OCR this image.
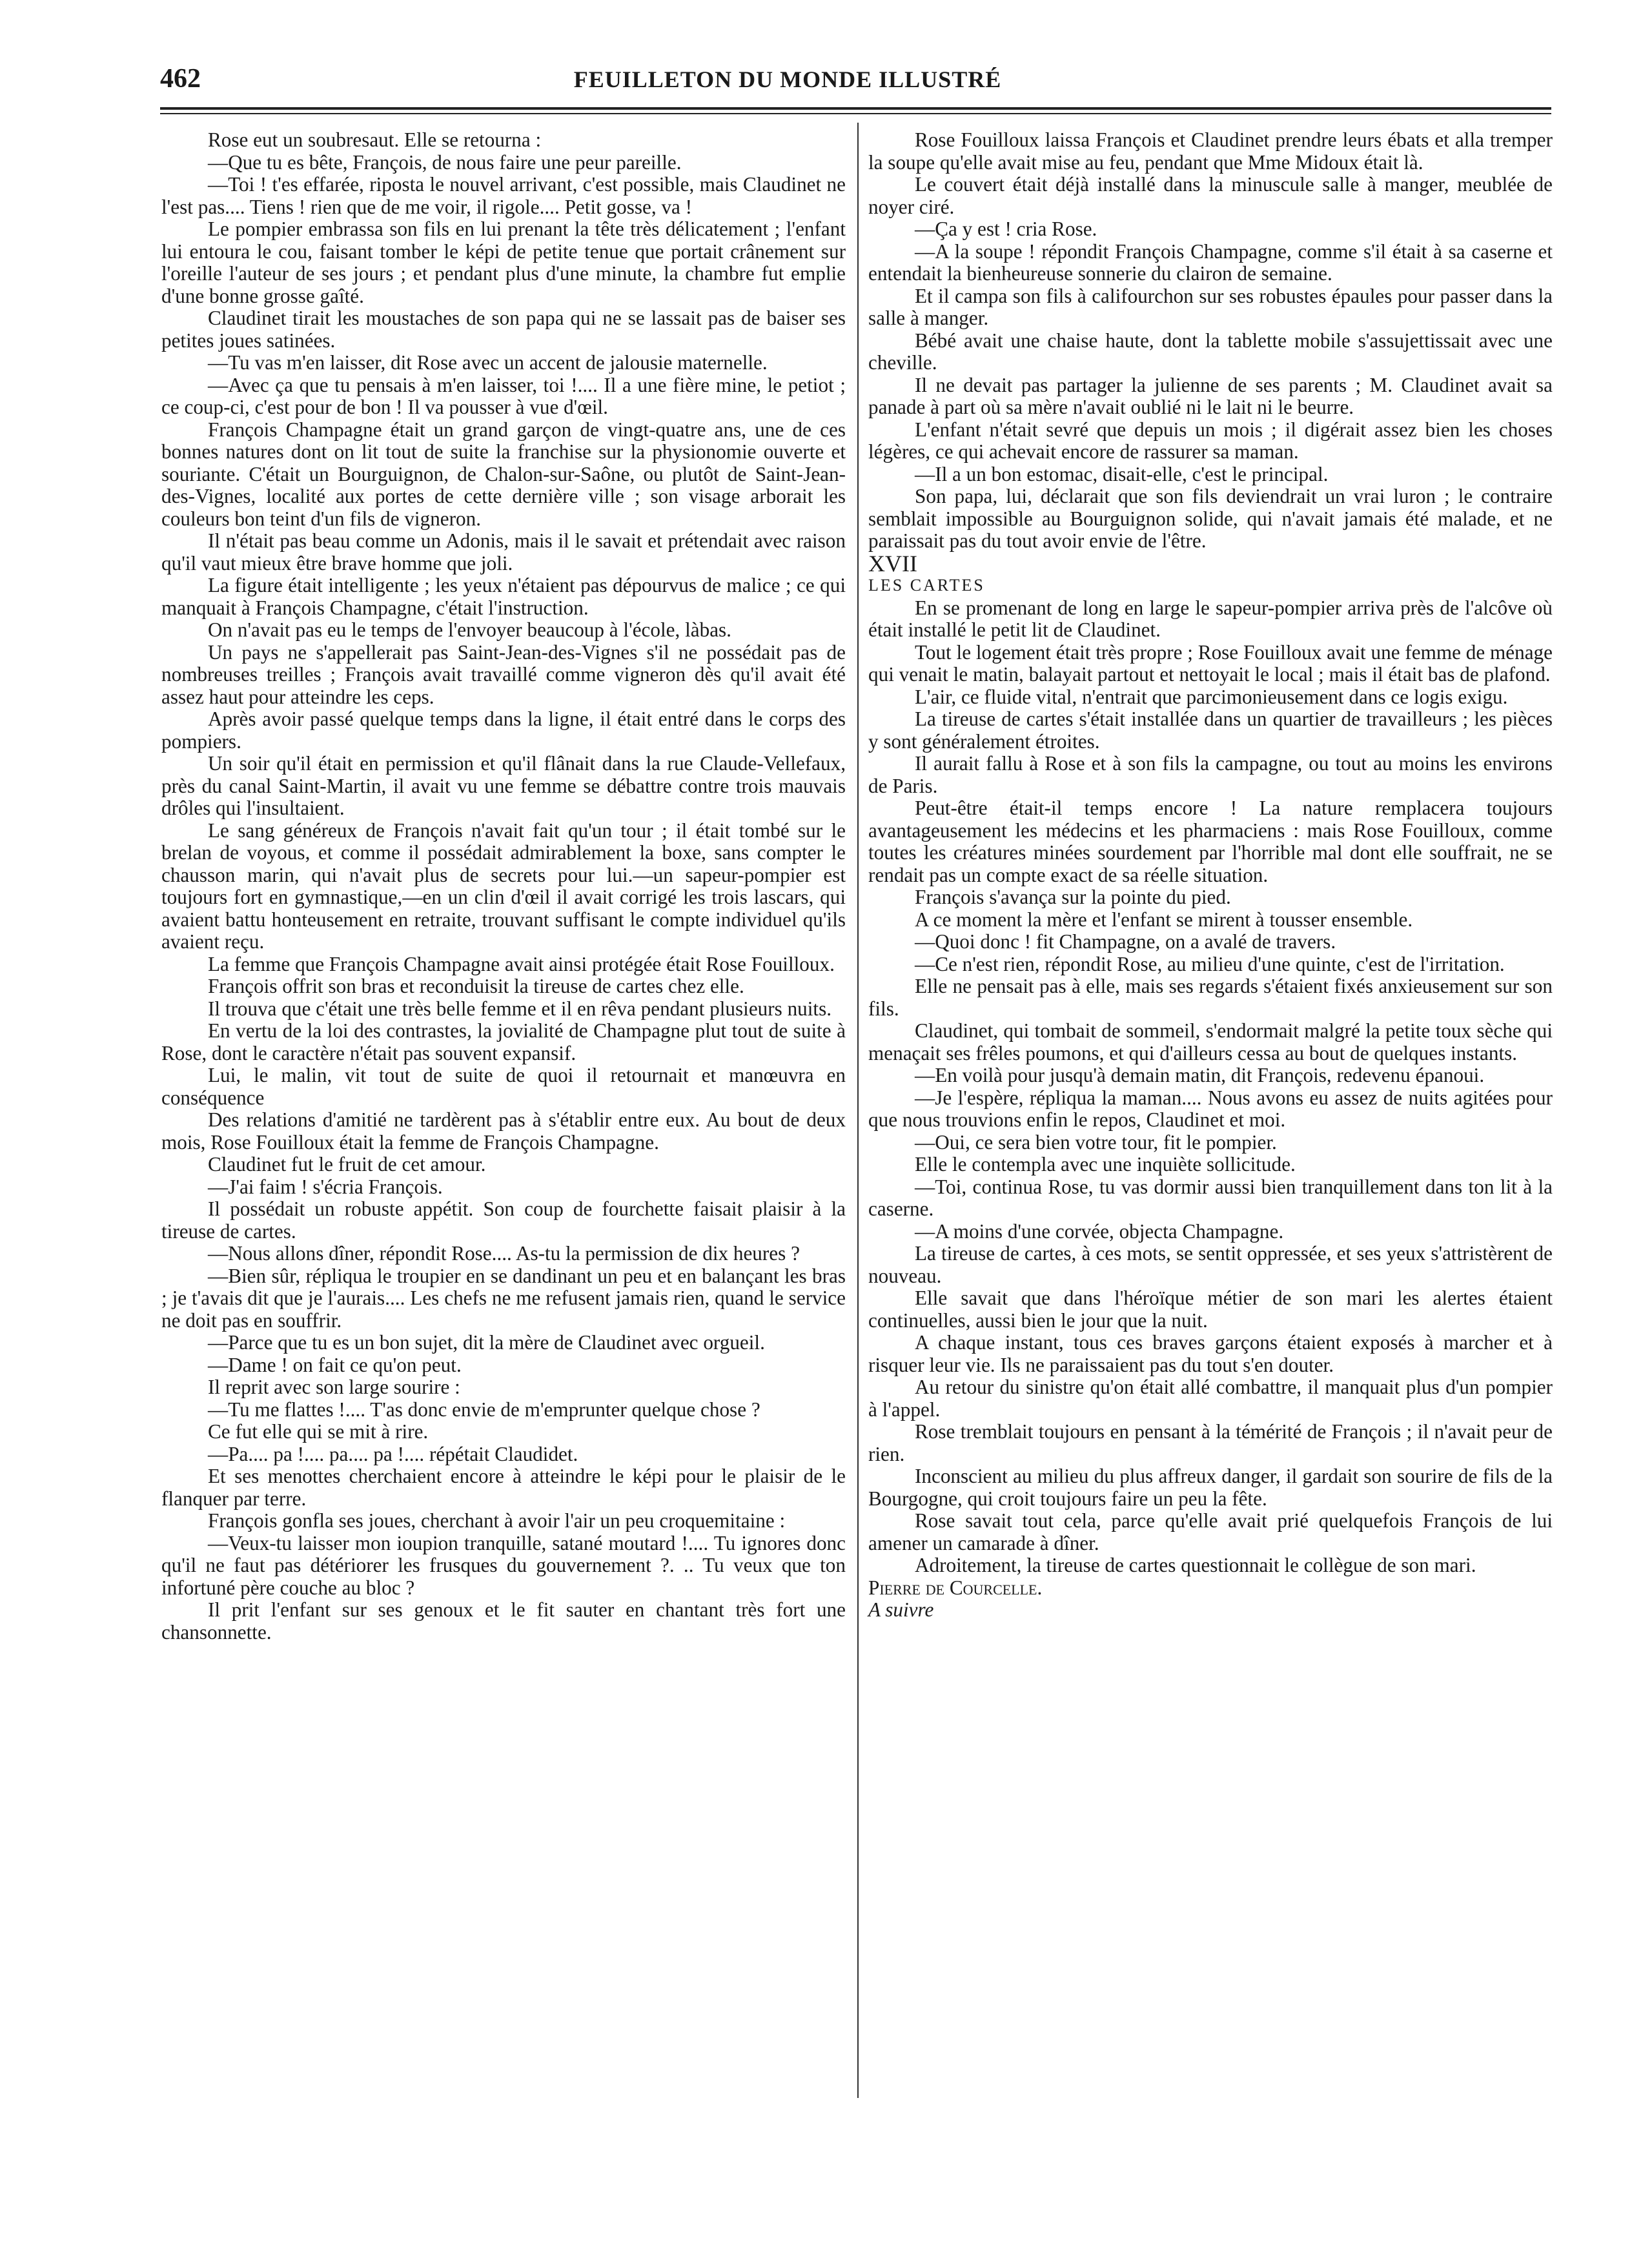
462	FEUILLETON DU MONDE ILLUSTRÉ

Rose eut un soubresaut. Elle se retourna :

—Que tu es bête, François, de nous faire une peur pareille.

—Toi ! t'es effarée, riposta le nouvel arrivant, c'est possible, mais Claudinet ne l'est pas.... Tiens ! rien que de me voir, il rigole.... Petit gosse, va !

Le pompier embrassa son fils en lui prenant la tête très délicatement ; l'enfant lui entoura le cou, faisant tomber le képi de petite tenue que portait crânement sur l'oreille l'auteur de ses jours ; et pendant plus d'une minute, la chambre fut emplie d'une bonne grosse gaîté.

Claudinet tirait les moustaches de son papa qui ne se lassait pas de baiser ses petites joues satinées.

—Tu vas m'en laisser, dit Rose avec un accent de jalousie maternelle.

—Avec ça que tu pensais à m'en laisser, toi !.... Il a une fière mine, le petiot ; ce coup-ci, c'est pour de bon ! Il va pousser à vue d'œil.

François Champagne était un grand garçon de vingt-quatre ans, une de ces bonnes natures dont on lit tout de suite la franchise sur la physionomie ouverte et souriante. C'était un Bourguignon, de Chalon-sur-Saône, ou plutôt de Saint-Jean-des-Vignes, localité aux portes de cette dernière ville ; son visage arborait les couleurs bon teint d'un fils de vigneron.

Il n'était pas beau comme un Adonis, mais il le savait et prétendait avec raison qu'il vaut mieux être brave homme que joli.

La figure était intelligente ; les yeux n'étaient pas dépourvus de malice ; ce qui manquait à François Champagne, c'était l'instruction.

On n'avait pas eu le temps de l'envoyer beaucoup à l'école, làbas.

Un pays ne s'appellerait pas Saint-Jean-des-Vignes s'il ne possédait pas de nombreuses treilles ; François avait travaillé comme vigneron dès qu'il avait été assez haut pour atteindre les ceps.

Après avoir passé quelque temps dans la ligne, il était entré dans le corps des pompiers.

Un soir qu'il était en permission et qu'il flânait dans la rue Claude-Vellefaux, près du canal Saint-Martin, il avait vu une femme se débattre contre trois mauvais drôles qui l'insultaient.

Le sang généreux de François n'avait fait qu'un tour ; il était tombé sur le brelan de voyous, et comme il possédait admirablement la boxe, sans compter le chausson marin, qui n'avait plus de secrets pour lui.—un sapeur-pompier est toujours fort en gymnastique,—en un clin d'œil il avait corrigé les trois lascars, qui avaient battu honteusement en retraite, trouvant suffisant le compte individuel qu'ils avaient reçu.

La femme que François Champagne avait ainsi protégée était Rose Fouilloux.

François offrit son bras et reconduisit la tireuse de cartes chez elle.

Il trouva que c'était une très belle femme et il en rêva pendant plusieurs nuits.

En vertu de la loi des contrastes, la jovialité de Champagne plut tout de suite à Rose, dont le caractère n'était pas souvent expansif.

Lui, le malin, vit tout de suite de quoi il retournait et manœuvra en conséquence

Des relations d'amitié ne tardèrent pas à s'établir entre eux. Au bout de deux mois, Rose Fouilloux était la femme de François Champagne.

Claudinet fut le fruit de cet amour.

—J'ai faim ! s'écria François.

Il possédait un robuste appétit. Son coup de fourchette faisait plaisir à la tireuse de cartes.

—Nous allons dîner, répondit Rose.... As-tu la permission de dix heures ?

—Bien sûr, répliqua le troupier en se dandinant un peu et en balançant les bras ; je t'avais dit que je l'aurais.... Les chefs ne me refusent jamais rien, quand le service ne doit pas en souffrir.

—Parce que tu es un bon sujet, dit la mère de Claudinet avec orgueil.

—Dame ! on fait ce qu'on peut.

Il reprit avec son large sourire :

—Tu me flattes !.... T'as donc envie de m'emprunter quelque chose ?

Ce fut elle qui se mit à rire.

—Pa.... pa !.... pa.... pa !.... répétait Claudidet.

Et ses menottes cherchaient encore à atteindre le képi pour le plaisir de le flanquer par terre.

François gonfla ses joues, cherchant à avoir l'air un peu croquemitaine :

—Veux-tu laisser mon ioupion tranquille, satané moutard !.... Tu ignores donc qu'il ne faut pas détériorer les frusques du gouvernement ?. .. Tu veux que ton infortuné père couche au bloc ?

Il prit l'enfant sur ses genoux et le fit sauter en chantant très fort une chansonnette.

Rose Fouilloux laissa François et Claudinet prendre leurs ébats et alla tremper la soupe qu'elle avait mise au feu, pendant que Mme Midoux était là.

Le couvert était déjà installé dans la minuscule salle à manger, meublée de noyer ciré.

—Ça y est ! cria Rose.

—A la soupe ! répondit François Champagne, comme s'il était à sa caserne et entendait la bienheureuse sonnerie du clairon de semaine.

Et il campa son fils à califourchon sur ses robustes épaules pour passer dans la salle à manger.

Bébé avait une chaise haute, dont la tablette mobile s'assujettissait avec une cheville.

Il ne devait pas partager la julienne de ses parents ; M. Claudinet avait sa panade à part où sa mère n'avait oublié ni le lait ni le beurre.

L'enfant n'était sevré que depuis un mois ; il digérait assez bien les choses légères, ce qui achevait encore de rassurer sa maman.

—Il a un bon estomac, disait-elle, c'est le principal.

Son papa, lui, déclarait que son fils deviendrait un vrai luron ; le contraire semblait impossible au Bourguignon solide, qui n'avait jamais été malade, et ne paraissait pas du tout avoir envie de l'être.

XVII

LES CARTES

En se promenant de long en large le sapeur-pompier arriva près de l'alcôve où était installé le petit lit de Claudinet.

Tout le logement était très propre ; Rose Fouilloux avait une femme de ménage qui venait le matin, balayait partout et nettoyait le local ; mais il était bas de plafond.

L'air, ce fluide vital, n'entrait que parcimonieusement dans ce logis exigu.

La tireuse de cartes s'était installée dans un quartier de travailleurs ; les pièces y sont généralement étroites.

Il aurait fallu à Rose et à son fils la campagne, ou tout au moins les environs de Paris.

Peut-être était-il temps encore ! La nature remplacera toujours avantageusement les médecins et les pharmaciens : mais Rose Fouilloux, comme toutes les créatures minées sourdement par l'horrible mal dont elle souffrait, ne se rendait pas un compte exact de sa réelle situation.

François s'avança sur la pointe du pied.

A ce moment la mère et l'enfant se mirent à tousser ensemble.

—Quoi donc ! fit Champagne, on a avalé de travers.

—Ce n'est rien, répondit Rose, au milieu d'une quinte, c'est de l'irritation.

Elle ne pensait pas à elle, mais ses regards s'étaient fixés anxieusement sur son fils.

Claudinet, qui tombait de sommeil, s'endormait malgré la petite toux sèche qui menaçait ses frêles poumons, et qui d'ailleurs cessa au bout de quelques instants.

—En voilà pour jusqu'à demain matin, dit François, redevenu épanoui.

—Je l'espère, répliqua la maman.... Nous avons eu assez de nuits agitées pour que nous trouvions enfin le repos, Claudinet et moi.

—Oui, ce sera bien votre tour, fit le pompier.

Elle le contempla avec une inquiète sollicitude.

—Toi, continua Rose, tu vas dormir aussi bien tranquillement dans ton lit à la caserne.

—A moins d'une corvée, objecta Champagne.

La tireuse de cartes, à ces mots, se sentit oppressée, et ses yeux s'attristèrent de nouveau.

Elle savait que dans l'héroïque métier de son mari les alertes étaient continuelles, aussi bien le jour que la nuit.

A chaque instant, tous ces braves garçons étaient exposés à marcher et à risquer leur vie. Ils ne paraissaient pas du tout s'en douter.

Au retour du sinistre qu'on était allé combattre, il manquait plus d'un pompier à l'appel.

Rose tremblait toujours en pensant à la témérité de François ; il n'avait peur de rien.

Inconscient au milieu du plus affreux danger, il gardait son sourire de fils de la Bourgogne, qui croit toujours faire un peu la fête.

Rose savait tout cela, parce qu'elle avait prié quelquefois François de lui amener un camarade à dîner.

Adroitement, la tireuse de cartes questionnait le collègue de son mari.

Pierre de Courcelle.

A suivre
